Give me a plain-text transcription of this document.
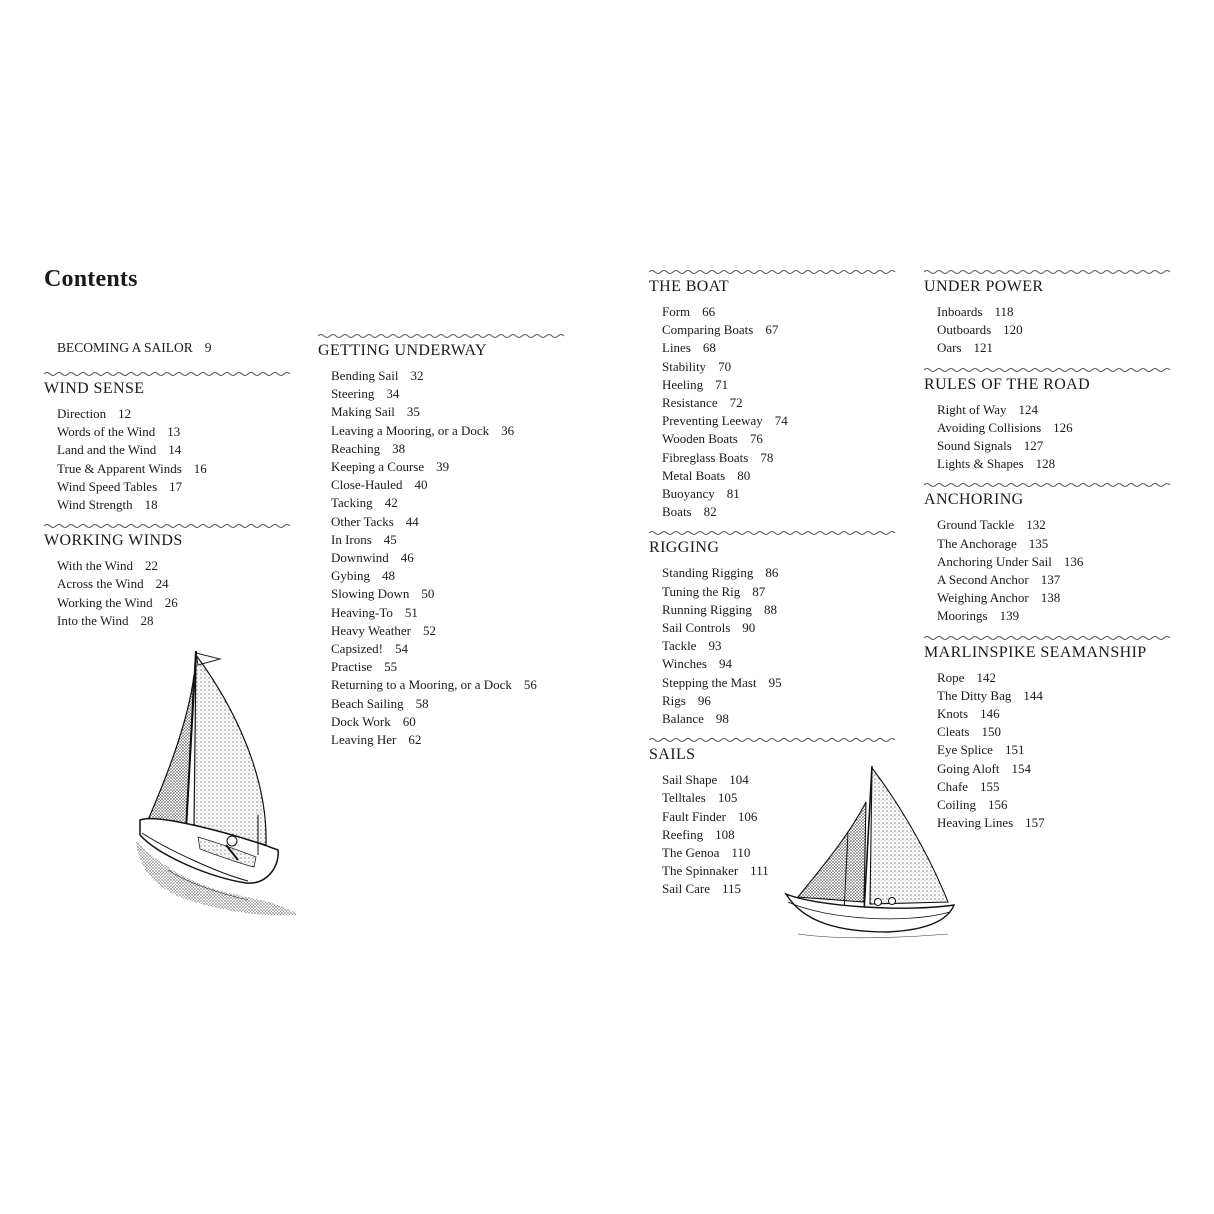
Contents
BECOMING A SAILOR 9
WIND SENSE
Direction 12
Words of the Wind 13
Land and the Wind 14
True & Apparent Winds 16
Wind Speed Tables 17
Wind Strength 18
WORKING WINDS
With the Wind 22
Across the Wind 24
Working the Wind 26
Into the Wind 28
GETTING UNDERWAY
Bending Sail 32
Steering 34
Making Sail 35
Leaving a Mooring, or a Dock 36
Reaching 38
Keeping a Course 39
Close-Hauled 40
Tacking 42
Other Tacks 44
In Irons 45
Downwind 46
Gybing 48
Slowing Down 50
Heaving-To 51
Heavy Weather 52
Capsized! 54
Practise 55
Returning to a Mooring, or a Dock 56
Beach Sailing 58
Dock Work 60
Leaving Her 62
THE BOAT
Form 66
Comparing Boats 67
Lines 68
Stability 70
Heeling 71
Resistance 72
Preventing Leeway 74
Wooden Boats 76
Fibreglass Boats 78
Metal Boats 80
Buoyancy 81
Boats 82
RIGGING
Standing Rigging 86
Tuning the Rig 87
Running Rigging 88
Sail Controls 90
Tackle 93
Winches 94
Stepping the Mast 95
Rigs 96
Balance 98
SAILS
Sail Shape 104
Telltales 105
Fault Finder 106
Reefing 108
The Genoa 110
The Spinnaker 111
Sail Care 115
UNDER POWER
Inboards 118
Outboards 120
Oars 121
RULES OF THE ROAD
Right of Way 124
Avoiding Collisions 126
Sound Signals 127
Lights & Shapes 128
ANCHORING
Ground Tackle 132
The Anchorage 135
Anchoring Under Sail 136
A Second Anchor 137
Weighing Anchor 138
Moorings 139
MARLINSPIKE SEAMANSHIP
Rope 142
The Ditty Bag 144
Knots 146
Cleats 150
Eye Splice 151
Going Aloft 154
Chafe 155
Coiling 156
Heaving Lines 157
